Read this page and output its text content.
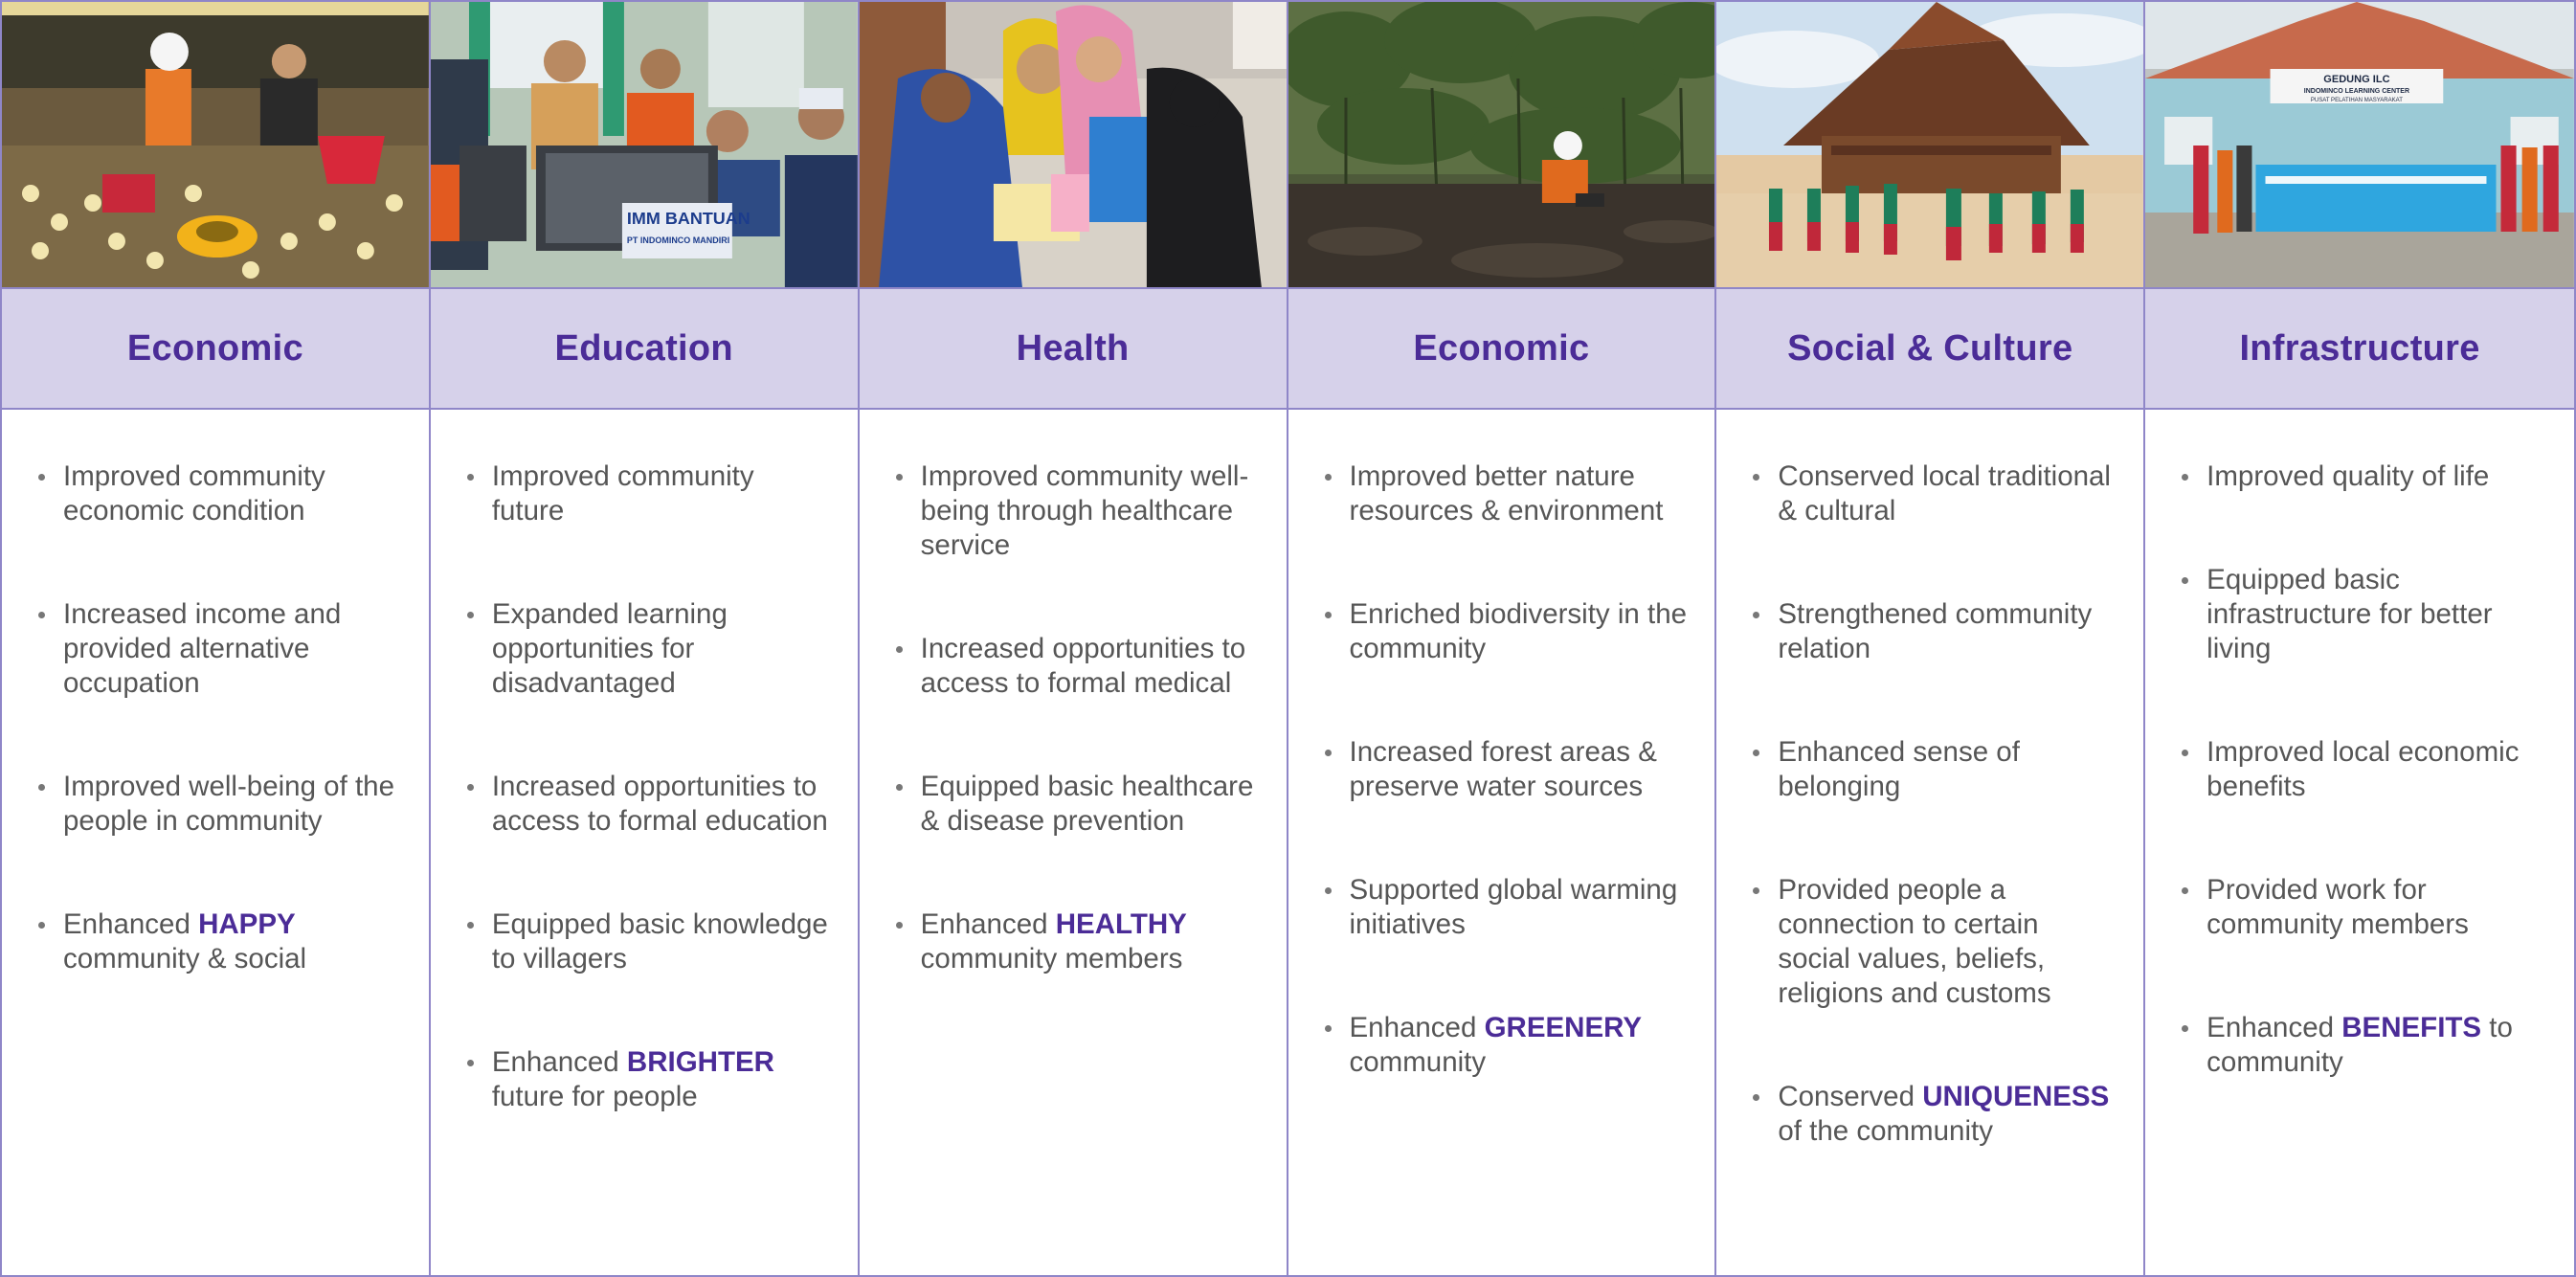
Economic
Improved community economic condition
Increased income and provided alternative occupation
Improved well-being of the people in community
Enhanced HAPPY community & social
IMM BANTUAN
PT INDOMINCO MANDIRI
Education
Improved community future
Expanded learning opportunities for disadvantaged
Increased opportunities to access to formal education
Equipped basic knowledge to villagers
Enhanced BRIGHTER future for people
Health
Improved community well-being through healthcare service
Increased opportunities to access to formal medical
Equipped basic healthcare & disease prevention
Enhanced HEALTHY community members
Economic
Improved better nature resources & environment
Enriched biodiversity in the community
Increased forest areas & preserve water sources
Supported global warming initiatives
Enhanced GREENERY community
Social & Culture
Conserved local traditional & cultural
Strengthened community relation
Enhanced sense of belonging
Provided people a connection to certain social values, beliefs, religions and customs
Conserved UNIQUENESS of the community
GEDUNG ILC
INDOMINCO LEARNING CENTER
PUSAT PELATIHAN MASYARAKAT
Infrastructure
Improved quality of life
Equipped basic infrastructure for better living
Improved local economic benefits
Provided work for community members
Enhanced BENEFITS to community
